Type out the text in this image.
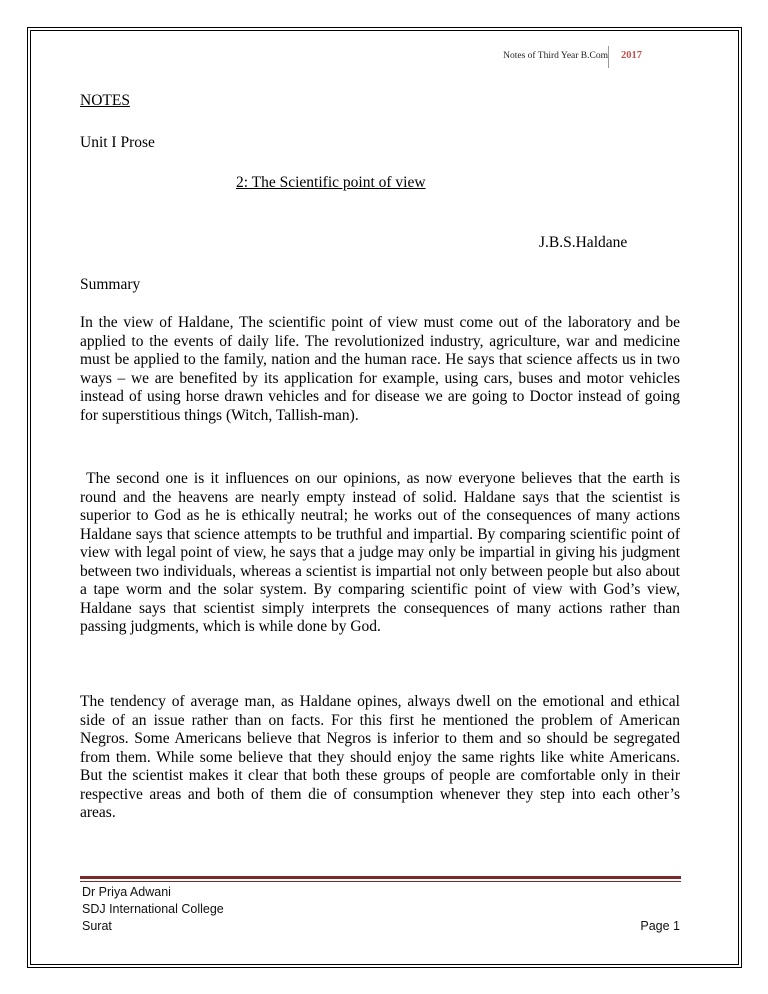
Notes of Third Year B.Com 2017
NOTES
Unit I Prose
2: The Scientific point of view
J.B.S.Haldane
Summary

In the view of Haldane, The scientific point of view must come out of the laboratory and be applied to the events of daily life. The revolutionized industry, agriculture, war and medicine must be applied to the family, nation and the human race. He says that science affects us in two ways – we are benefited by its application for example, using cars, buses and motor vehicles instead of using horse drawn vehicles and for disease we are going to Doctor instead of going for superstitious things (Witch, Tallish-man).

The second one is it influences on our opinions, as now everyone believes that the earth is round and the heavens are nearly empty instead of solid. Haldane says that the scientist is superior to God as he is ethically neutral; he works out of the consequences of many actions Haldane says that science attempts to be truthful and impartial. By comparing scientific point of view with legal point of view, he says that a judge may only be impartial in giving his judgment between two individuals, whereas a scientist is impartial not only between people but also about a tape worm and the solar system. By comparing scientific point of view with God’s view, Haldane says that scientist simply interprets the consequences of many actions rather than passing judgments, which is while done by God.

The tendency of average man, as Haldane opines, always dwell on the emotional and ethical side of an issue rather than on facts. For this first he mentioned the problem of American Negros. Some Americans believe that Negros is inferior to them and so should be segregated from them. While some believe that they should enjoy the same rights like white Americans. But the scientist makes it clear that both these groups of people are comfortable only in their respective areas and both of them die of consumption whenever they step into each other’s areas.

Dr Priya Adwani
SDJ International College
Surat	Page 1
